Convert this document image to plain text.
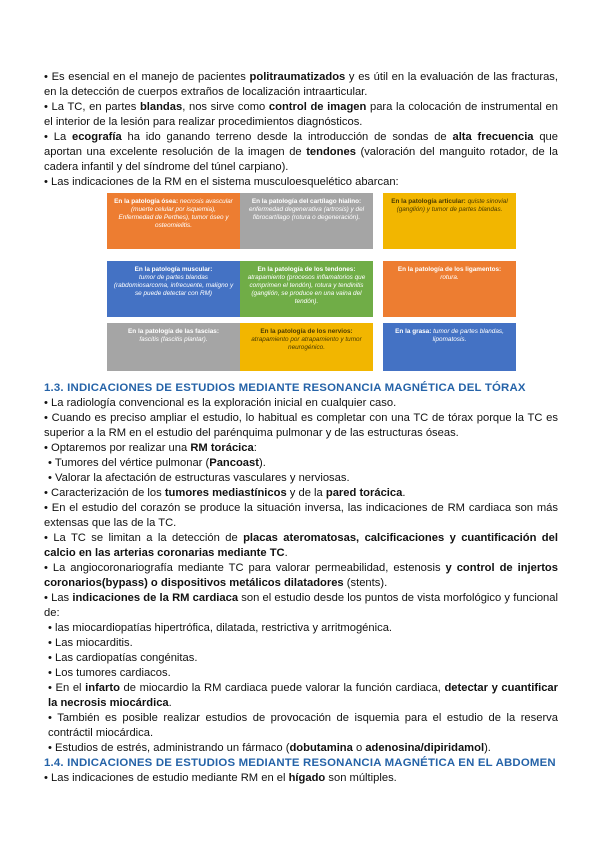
• Es esencial en el manejo de pacientes politraumatizados y es útil en la evaluación de las fracturas, en la detección de cuerpos extraños de localización intraarticular.

• La TC, en partes blandas, nos sirve como control de imagen para la colocación de instrumental en el interior de la lesión para realizar procedimientos diagnósticos.

• La ecografía ha ido ganando terreno desde la introducción de sondas de alta frecuencia que aportan una excelente resolución de la imagen de tendones (valoración del manguito rotador, de la cadera infantil y del síndrome del túnel carpiano).

• Las indicaciones de la RM en el sistema musculoesquelético abarcan:

En la patología ósea: necrosis avascular (muerte celular por isquemia), Enfermedad de Perthes), tumor óseo y osteomielitis.
En la patología del cartílago hialino: enfermedad degenerativa (artrosis) y del fibrocartílago (rotura o degeneración).
En la patología articular: quiste sinovial (ganglión) y tumor de partes blandas.
En la patología muscular:
tumor de partes blandas (rabdomiosarcoma, infrecuente, maligno y se puede detectar con RM)
En la patología de los tendones: atrapamiento (procesos inflamatorios que comprimen el tendón), rotura y tendinitis (ganglión, se produce en una vaina del tendón).
En la patología de los ligamentos: rotura.
En la patología de las fascias:
fascitis (fascitis plantar).
En la patología de los nervios: atrapamiento por atrapamiento y tumor neurogénico.
En la grasa: tumor de partes blandas, lipomatosis.
1.3. INDICACIONES DE ESTUDIOS MEDIANTE RESONANCIA MAGNÉTICA DEL TÓRAX

• La radiología convencional es la exploración inicial en cualquier caso.

• Cuando es preciso ampliar el estudio, lo habitual es completar con una TC de tórax porque la TC es superior a la RM en el estudio del parénquima pulmonar y de las estructuras óseas.

• Optaremos por realizar una RM torácica:

• Tumores del vértice pulmonar (Pancoast).

• Valorar la afectación de estructuras vasculares y nerviosas.

• Caracterización de los tumores mediastínicos y de la pared torácica.

• En el estudio del corazón se produce la situación inversa, las indicaciones de RM cardiaca son más extensas que las de la TC.

• La TC se limitan a la detección de placas ateromatosas, calcificaciones y cuantificación del calcio en las arterias coronarias mediante TC.

• La angiocoronariografía mediante TC para valorar permeabilidad, estenosis y control de injertos coronarios(bypass) o dispositivos metálicos dilatadores (stents).

• Las indicaciones de la RM cardiaca son el estudio desde los puntos de vista morfológico y funcional de:

• las miocardiopatías hipertrófica, dilatada, restrictiva y arritmogénica.

• Las miocarditis.

• Las cardiopatías congénitas.

• Los tumores cardiacos.

• En el infarto de miocardio la RM cardiaca puede valorar la función cardiaca, detectar y cuantificar la necrosis miocárdica.

• También es posible realizar estudios de provocación de isquemia para el estudio de la reserva contráctil miocárdica.

• Estudios de estrés, administrando un fármaco (dobutamina o adenosina/dipiridamol).

1.4. INDICACIONES DE ESTUDIOS MEDIANTE RESONANCIA MAGNÉTICA EN EL ABDOMEN

• Las indicaciones de estudio mediante RM en el hígado son múltiples.
